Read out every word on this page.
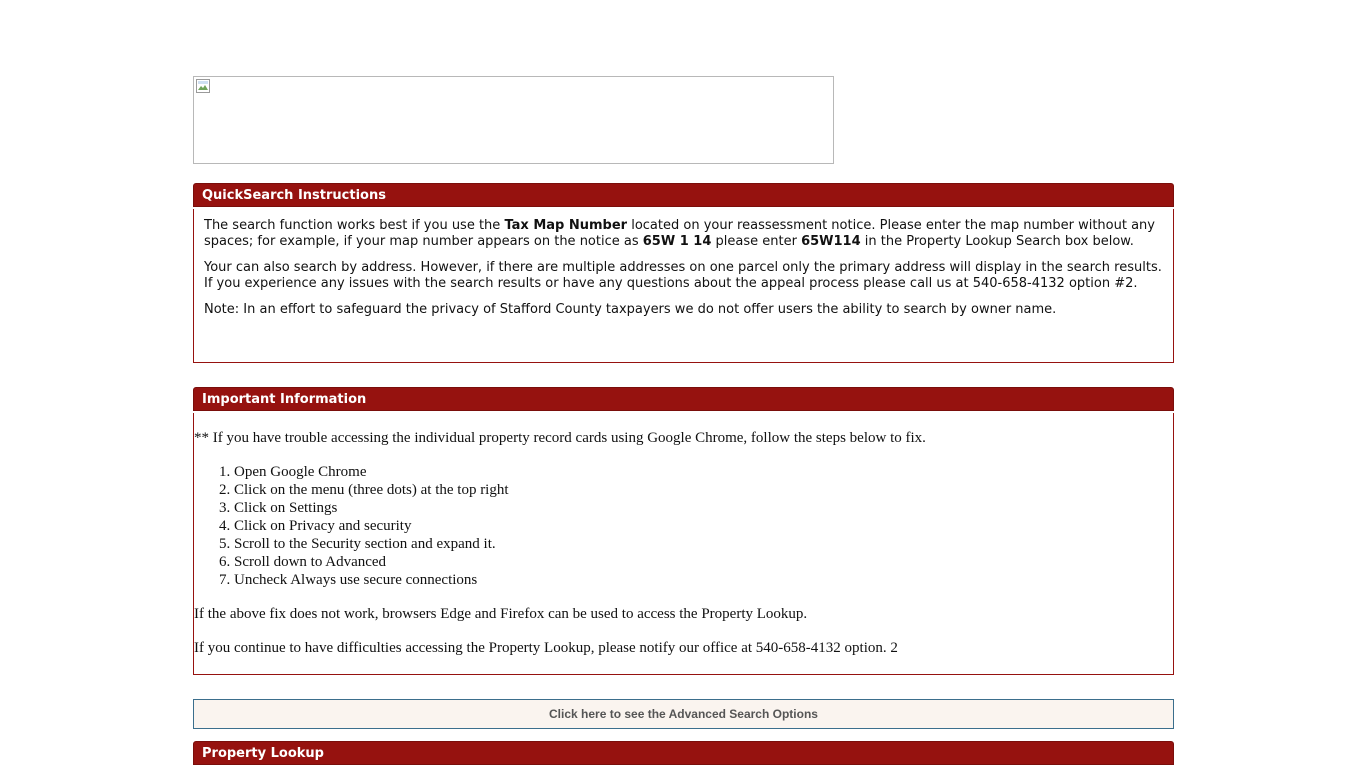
QuickSearch Instructions

The search function works best if you use the Tax Map Number located on your reassessment notice. Please enter the map number without any spaces; for example, if your map number appears on the notice as 65W 1 14 please enter 65W114 in the Property Lookup Search box below.

Your can also search by address. However, if there are multiple addresses on one parcel only the primary address will display in the search results. If you experience any issues with the search results or have any questions about the appeal process please call us at 540-658-4132 option #2.

Note: In an effort to safeguard the privacy of Stafford County taxpayers we do not offer users the ability to search by owner name.

Important Information

** If you have trouble accessing the individual property record cards using Google Chrome, follow the steps below to fix.

1. Open Google Chrome
2. Click on the menu (three dots) at the top right
3. Click on Settings
4. Click on Privacy and security
5. Scroll to the Security section and expand it.
6. Scroll down to Advanced
7. Uncheck Always use secure connections

If the above fix does not work, browsers Edge and Firefox can be used to access the Property Lookup.

If you continue to have difficulties accessing the Property Lookup, please notify our office at 540-658-4132 option. 2

Click here to see the Advanced Search Options
Property Lookup
